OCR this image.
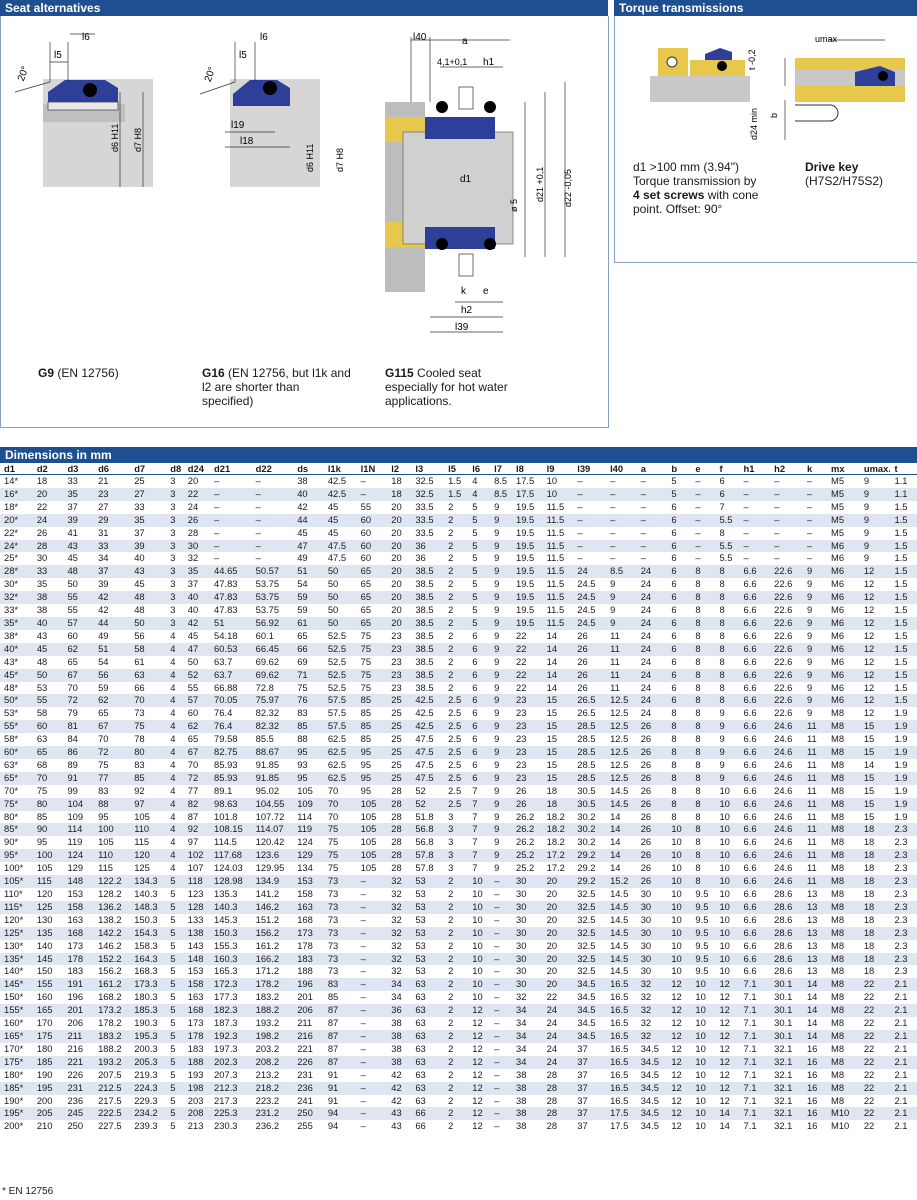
Seat alternatives	Torque transmissions
l6
l5
20°
d6 H11 d7 H8
l6
l5
l19
l18
d6 H11 d7 H8
20°
l40	a
4,1+0,1 h1
d1
ø 5
d21 +0,1 d22 -0,05
k e
h2
l39
G9 (EN 12756)	G16 (EN 12756, but l1k and l2 are shorter than specified)
G115 Cooled seat especially for hot water applications.
umax
t -0,2
d24 min b
d1 >100 mm (3.94")
Torque transmission by
4 set screws with cone
point. Offset: 90°
Drive key
(H7S2/H75S2)
Dimensions in mm
d1	d2	d3	d6	d7	d8	d24	d21	d22	ds	l1k	l1N	l2	l3	l5	l6	l7	l8	l9	l39	l40	a	b	e	f	h1	h2	k	mx	umax.	t
14*	18	33	21	25	3	20	–	–	38	42.5	–	18	32.5	1.5	4	8.5	17.5	10	–	–	–	5	–	6	–	–	–	M5	9	1.1
16*	20	35	23	27	3	22	–	–	40	42.5	–	18	32.5	1.5	4	8.5	17.5	10	–	–	–	5	–	6	–	–	–	M5	9	1.1
18*	22	37	27	33	3	24	–	–	42	45	55	20	33.5	2	5	9	19.5	11.5	–	–	–	6	–	7	–	–	–	M5	9	1.5
20*	24	39	29	35	3	26	–	–	44	45	60	20	33.5	2	5	9	19.5	11.5	–	–	–	6	–	5.5	–	–	–	M5	9	1.5
22*	26	41	31	37	3	28	–	–	45	45	60	20	33.5	2	5	9	19.5	11.5	–	–	–	6	–	8	–	–	–	M5	9	1.5
24*	28	43	33	39	3	30	–	–	47	47.5	60	20	36	2	5	9	19.5	11.5	–	–	–	6	–	5.5	–	–	–	M6	9	1.5
25*	30	45	34	40	3	32	–	–	49	47.5	60	20	36	2	5	9	19.5	11.5	–	–	–	6	–	5.5	–	–	–	M6	9	1.5
28*	33	48	37	43	3	35	44.65	50.57	51	50	65	20	38.5	2	5	9	19.5	11.5	24	8.5	24	6	8	8	6.6	22.6	9	M6	12	1.5
30*	35	50	39	45	3	37	47.83	53.75	54	50	65	20	38.5	2	5	9	19.5	11.5	24.5	9	24	6	8	8	6.6	22.6	9	M6	12	1.5
32*	38	55	42	48	3	40	47.83	53.75	59	50	65	20	38.5	2	5	9	19.5	11.5	24.5	9	24	6	8	8	6.6	22.6	9	M6	12	1.5
33*	38	55	42	48	3	40	47.83	53.75	59	50	65	20	38.5	2	5	9	19.5	11.5	24.5	9	24	6	8	8	6.6	22.6	9	M6	12	1.5
35*	40	57	44	50	3	42	51	56.92	61	50	65	20	38.5	2	5	9	19.5	11.5	24.5	9	24	6	8	8	6.6	22.6	9	M6	12	1.5
38*	43	60	49	56	4	45	54.18	60.1	65	52.5	75	23	38.5	2	6	9	22	14	26	11	24	6	8	8	6.6	22.6	9	M6	12	1.5
40*	45	62	51	58	4	47	60.53	66.45	66	52.5	75	23	38.5	2	6	9	22	14	26	11	24	6	8	8	6.6	22.6	9	M6	12	1.5
43*	48	65	54	61	4	50	63.7	69.62	69	52.5	75	23	38.5	2	6	9	22	14	26	11	24	6	8	8	6.6	22.6	9	M6	12	1.5
45*	50	67	56	63	4	52	63.7	69.62	71	52.5	75	23	38.5	2	6	9	22	14	26	11	24	6	8	8	6.6	22.6	9	M6	12	1.5
48*	53	70	59	66	4	55	66.88	72.8	75	52.5	75	23	38.5	2	6	9	22	14	26	11	24	6	8	8	6.6	22.6	9	M6	12	1.5
50*	55	72	62	70	4	57	70.05	75.97	76	57.5	85	25	42.5	2.5	6	9	23	15	26.5	12.5	24	6	8	8	6.6	22.6	9	M6	12	1.5
53*	58	79	65	73	4	60	76.4	82.32	83	57.5	85	25	42.5	2.5	6	9	23	15	26.5	12.5	24	8	8	9	6.6	22.6	9	M8	12	1.9
55*	60	81	67	75	4	62	76.4	82.32	85	57.5	85	25	42.5	2.5	6	9	23	15	28.5	12.5	26	8	8	9	6.6	24.6	11	M8	15	1.9
58*	63	84	70	78	4	65	79.58	85.5	88	62.5	85	25	47.5	2.5	6	9	23	15	28.5	12.5	26	8	8	9	6.6	24.6	11	M8	15	1.9
60*	65	86	72	80	4	67	82.75	88.67	95	62.5	95	25	47.5	2.5	6	9	23	15	28.5	12.5	26	8	8	9	6.6	24.6	11	M8	15	1.9
63*	68	89	75	83	4	70	85.93	91.85	93	62.5	95	25	47.5	2.5	6	9	23	15	28.5	12.5	26	8	8	9	6.6	24.6	11	M8	14	1.9
65*	70	91	77	85	4	72	85.93	91.85	95	62.5	95	25	47.5	2.5	6	9	23	15	28.5	12.5	26	8	8	9	6.6	24.6	11	M8	15	1.9
70*	75	99	83	92	4	77	89.1	95.02	105	70	95	28	52	2.5	7	9	26	18	30.5	14.5	26	8	8	10	6.6	24.6	11	M8	15	1.9
75*	80	104	88	97	4	82	98.63	104.55	109	70	105	28	52	2.5	7	9	26	18	30.5	14.5	26	8	8	10	6.6	24.6	11	M8	15	1.9
80*	85	109	95	105	4	87	101.8	107.72	114	70	105	28	51.8	3	7	9	26.2	18.2	30.2	14	26	8	8	10	6.6	24.6	11	M8	15	1.9
85*	90	114	100	110	4	92	108.15	114.07	119	75	105	28	56.8	3	7	9	26.2	18.2	30.2	14	26	10	8	10	6.6	24.6	11	M8	18	2.3
90*	95	119	105	115	4	97	114.5	120.42	124	75	105	28	56.8	3	7	9	26.2	18.2	30.2	14	26	10	8	10	6.6	24.6	11	M8	18	2.3
95*	100	124	110	120	4	102	117.68	123.6	129	75	105	28	57.8	3	7	9	25.2	17.2	29.2	14	26	10	8	10	6.6	24.6	11	M8	18	2.3
100*	105	129	115	125	4	107	124.03	129.95	134	75	105	28	57.8	3	7	9	25.2	17.2	29.2	14	26	10	8	10	6.6	24.6	11	M8	18	2.3
105*	115	148	122.2	134.3	5	118	128.98	134.9	153	73	–	32	53	2	10	–	30	20	29.2	15.2	26	10	8	10	6.6	24.6	11	M8	18	2.3
110*	120	153	128.2	140.3	5	123	135.3	141.2	158	73	–	32	53	2	10	–	30	20	32.5	14.5	30	10	9.5	10	6.6	28.6	13	M8	18	2.3
115*	125	158	136.2	148.3	5	128	140.3	146.2	163	73	–	32	53	2	10	–	30	20	32.5	14.5	30	10	9.5	10	6.6	28.6	13	M8	18	2.3
120*	130	163	138.2	150.3	5	133	145.3	151.2	168	73	–	32	53	2	10	–	30	20	32.5	14.5	30	10	9.5	10	6.6	28.6	13	M8	18	2.3
125*	135	168	142.2	154.3	5	138	150.3	156.2	173	73	–	32	53	2	10	–	30	20	32.5	14.5	30	10	9.5	10	6.6	28.6	13	M8	18	2.3
130*	140	173	146.2	158.3	5	143	155.3	161.2	178	73	–	32	53	2	10	–	30	20	32.5	14.5	30	10	9.5	10	6.6	28.6	13	M8	18	2.3
135*	145	178	152.2	164.3	5	148	160.3	166.2	183	73	–	32	53	2	10	–	30	20	32.5	14.5	30	10	9.5	10	6.6	28.6	13	M8	18	2.3
140*	150	183	156.2	168.3	5	153	165.3	171.2	188	73	–	32	53	2	10	–	30	20	32.5	14.5	30	10	9.5	10	6.6	28.6	13	M8	18	2.3
145*	155	191	161.2	173.3	5	158	172.3	178.2	196	83	–	34	63	2	10	–	30	20	34.5	16.5	32	12	10	12	7.1	30.1	14	M8	22	2.1
150*	160	196	168.2	180.3	5	163	177.3	183.2	201	85	–	34	63	2	10	–	32	22	34.5	16.5	32	12	10	12	7.1	30.1	14	M8	22	2.1
155*	165	201	173.2	185.3	5	168	182.3	188.2	206	87	–	36	63	2	12	–	34	24	34.5	16.5	32	12	10	12	7.1	30.1	14	M8	22	2.1
160*	170	206	178.2	190.3	5	173	187.3	193.2	211	87	–	38	63	2	12	–	34	24	34.5	16.5	32	12	10	12	7.1	30.1	14	M8	22	2.1
165*	175	211	183.2	195.3	5	178	192.3	198.2	216	87	–	38	63	2	12	–	34	24	34.5	16.5	32	12	10	12	7.1	30.1	14	M8	22	2.1
170*	180	216	188.2	200.3	5	183	197.3	203.2	221	87	–	38	63	2	12	–	34	24	37	16.5	34.5	12	10	12	7.1	32.1	16	M8	22	2.1
175*	185	221	193.2	205.3	5	188	202.3	208.2	226	87	–	38	63	2	12	–	34	24	37	16.5	34.5	12	10	12	7.1	32.1	16	M8	22	2.1
180*	190	226	207.5	219.3	5	193	207.3	213.2	231	91	–	42	63	2	12	–	38	28	37	16.5	34.5	12	10	12	7.1	32.1	16	M8	22	2.1
185*	195	231	212.5	224.3	5	198	212.3	218.2	236	91	–	42	63	2	12	–	38	28	37	16.5	34.5	12	10	12	7.1	32.1	16	M8	22	2.1
190*	200	236	217.5	229.3	5	203	217.3	223.2	241	91	–	42	63	2	12	–	38	28	37	16.5	34.5	12	10	12	7.1	32.1	16	M8	22	2.1
195*	205	245	222.5	234.2	5	208	225.3	231.2	250	94	–	43	66	2	12	–	38	28	37	17.5	34.5	12	10	14	7.1	32.1	16	M10	22	2.1
200*	210	250	227.5	239.3	5	213	230.3	236.2	255	94	–	43	66	2	12	–	38	28	37	17.5	34.5	12	10	14	7.1	32.1	16	M10	22	2.1
* EN 12756
